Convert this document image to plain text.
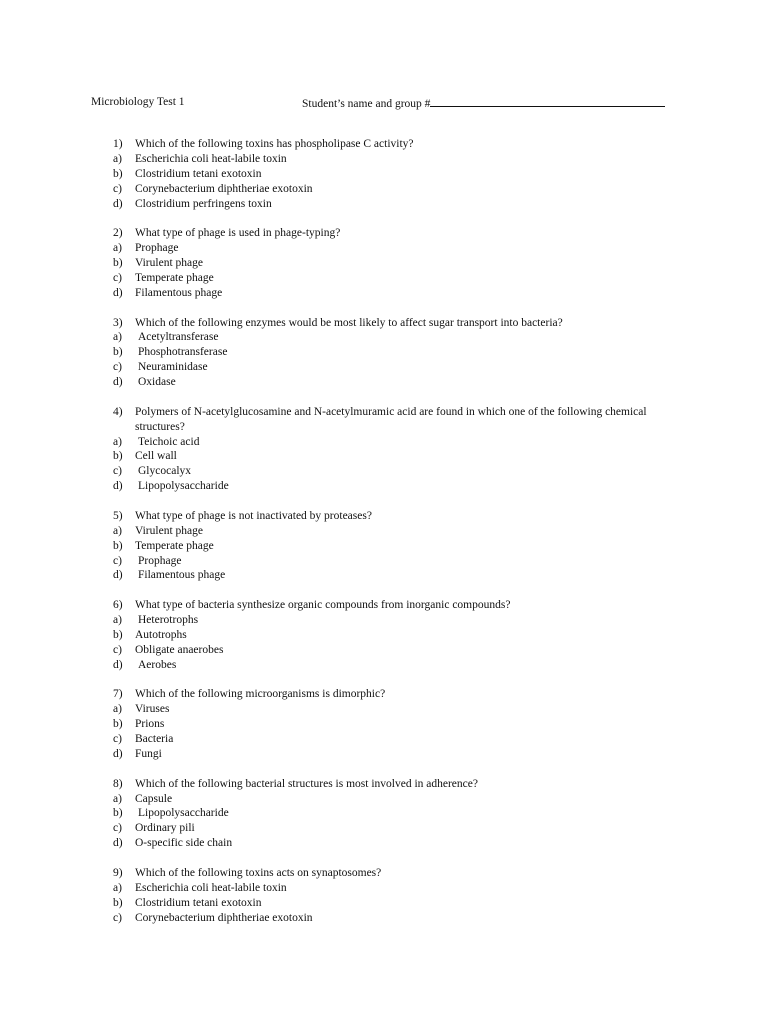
Microbiology Test 1	Student’s name and group #
1) Which of the following toxins has phospholipase C activity?
a) Escherichia coli heat-labile toxin
b) Clostridium tetani exotoxin
c) Corynebacterium diphtheriae exotoxin
d) Clostridium perfringens toxin
2) What type of phage is used in phage-typing?
a) Prophage
b) Virulent phage
c) Temperate phage
d) Filamentous phage
3) Which of the following enzymes would be most likely to affect sugar transport into bacteria?
a) Acetyltransferase
b) Phosphotransferase
c) Neuraminidase
d) Oxidase
4) Polymers of N-acetylglucosamine and N-acetylmuramic acid are found in which one of the following chemical structures?
a) Teichoic acid
b) Cell wall
c) Glycocalyx
d) Lipopolysaccharide
5) What type of phage is not inactivated by proteases?
a) Virulent phage
b) Temperate phage
c) Prophage
d) Filamentous phage
6) What type of bacteria synthesize organic compounds from inorganic compounds?
a) Heterotrophs
b) Autotrophs
c) Obligate anaerobes
d) Aerobes
7) Which of the following microorganisms is dimorphic?
a) Viruses
b) Prions
c) Bacteria
d) Fungi
8) Which of the following bacterial structures is most involved in adherence?
a) Capsule
b) Lipopolysaccharide
c) Ordinary pili
d) O-specific side chain
9) Which of the following toxins acts on synaptosomes?
a) Escherichia coli heat-labile toxin
b) Clostridium tetani exotoxin
c) Corynebacterium diphtheriae exotoxin
